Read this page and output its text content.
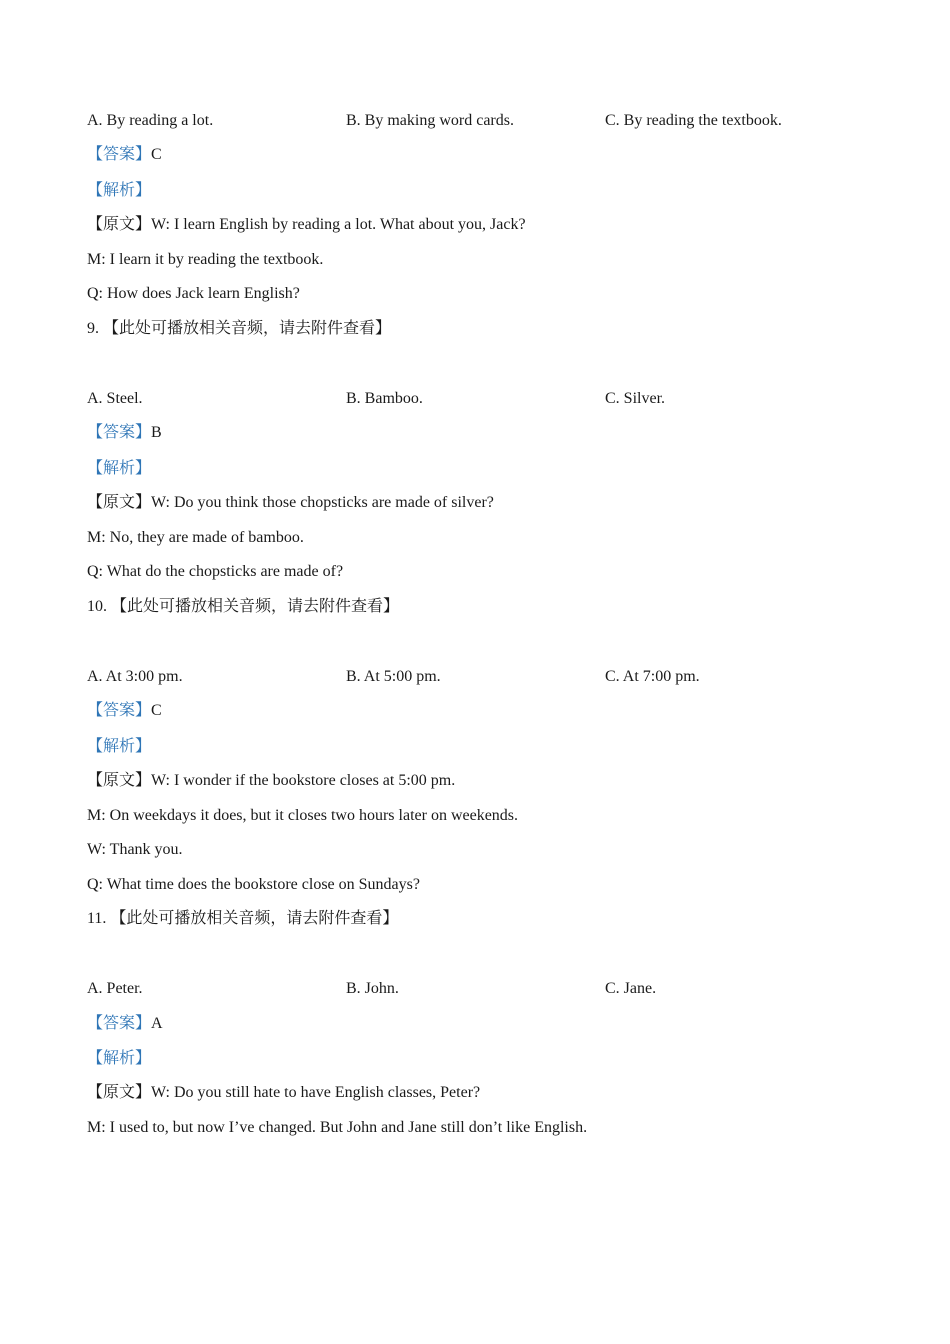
A. By reading a lot.	B. By making word cards.	C. By reading the textbook.
【答案】C
【解析】
【原文】W: I learn English by reading a lot. What about you, Jack?
M: I learn it by reading the textbook.
Q: How does Jack learn English?
9. 【此处可播放相关音频，请去附件查看】
A. Steel.	B. Bamboo.	C. Silver.
【答案】B
【解析】
【原文】W: Do you think those chopsticks are made of silver?
M: No, they are made of bamboo.
Q: What do the chopsticks are made of?
10. 【此处可播放相关音频，请去附件查看】
A. At 3:00 pm.	B. At 5:00 pm.	C. At 7:00 pm.
【答案】C
【解析】
【原文】W: I wonder if the bookstore closes at 5:00 pm.
M: On weekdays it does, but it closes two hours later on weekends.
W: Thank you.
Q: What time does the bookstore close on Sundays?
11. 【此处可播放相关音频，请去附件查看】
A. Peter.	B. John.	C. Jane.
【答案】A
【解析】
【原文】W: Do you still hate to have English classes, Peter?
M: I used to, but now I’ve changed. But John and Jane still don’t like English.
